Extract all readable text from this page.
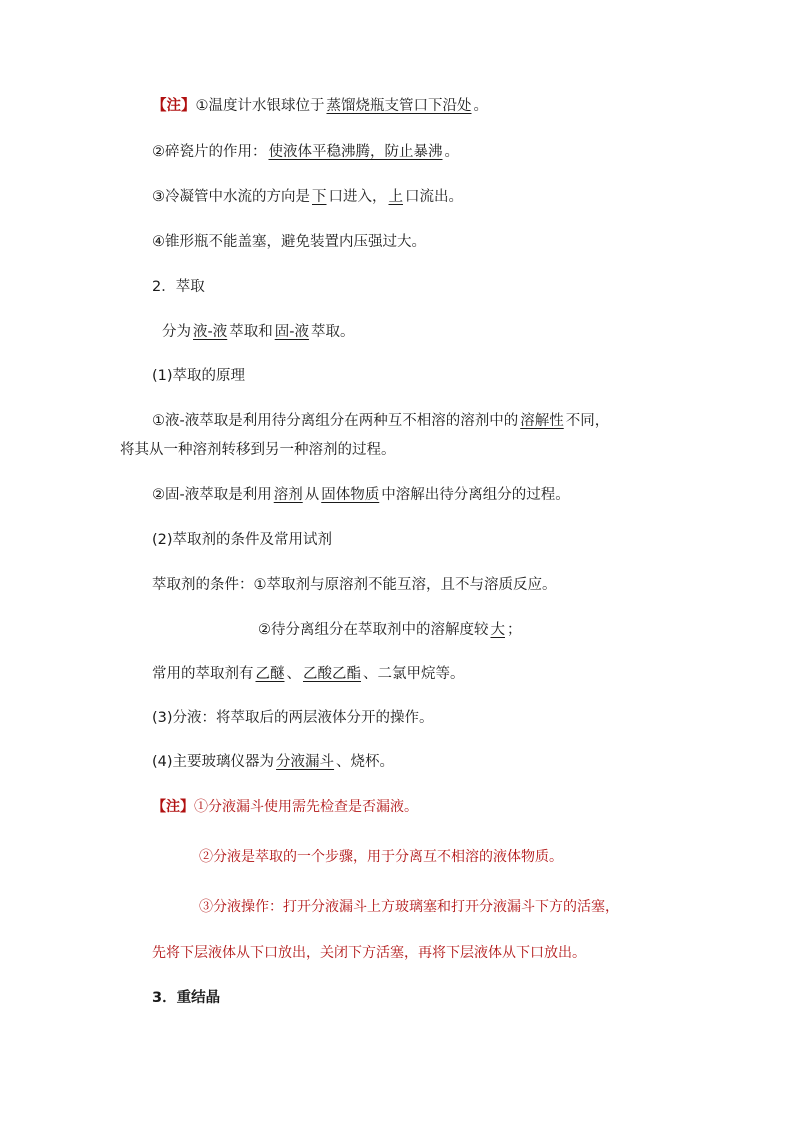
【注】①温度计水银球位于 蒸馏烧瓶支管口下沿处 。
②碎瓷片的作用： 使液体平稳沸腾，防止暴沸 。
③冷凝管中水流的方向是 下 口进入， 上 口流出。
④锥形瓶不能盖塞，避免装置内压强过大。
2．萃取
分为 液-液 萃取和 固-液 萃取。
(1)萃取的原理
①液-液萃取是利用待分离组分在两种互不相溶的溶剂中的 溶解性 不同，
将其从一种溶剂转移到另一种溶剂的过程。
②固-液萃取是利用 溶剂 从 固体物质 中溶解出待分离组分的过程。
(2)萃取剂的条件及常用试剂
萃取剂的条件：①萃取剂与原溶剂不能互溶，且不与溶质反应。
②待分离组分在萃取剂中的溶解度较 大 ；
常用的萃取剂有 乙醚 、 乙酸乙酯 、二氯甲烷等。
(3)分液：将萃取后的两层液体分开的操作。
(4)主要玻璃仪器为 分液漏斗 、烧杯。
【注】①分液漏斗使用需先检查是否漏液。
②分液是萃取的一个步骤，用于分离互不相溶的液体物质。
③分液操作：打开分液漏斗上方玻璃塞和打开分液漏斗下方的活塞，
先将下层液体从下口放出，关闭下方活塞，再将下层液体从下口放出。
3．重结晶
